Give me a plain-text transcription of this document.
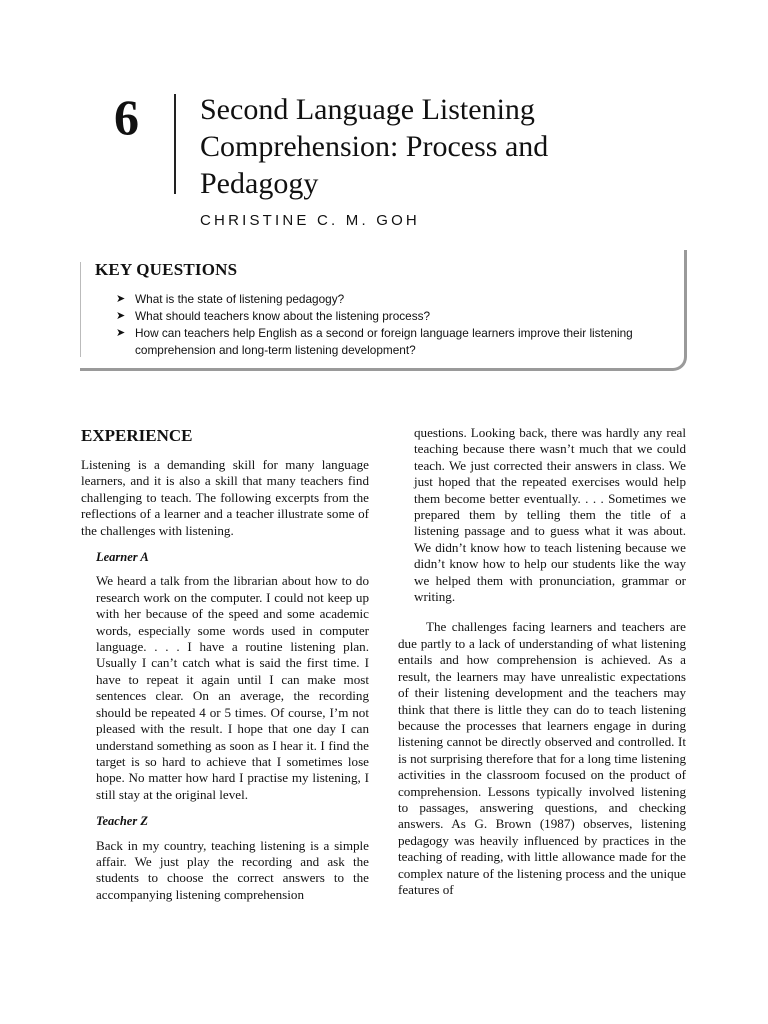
6 Second Language Listening
Comprehension: Process and
Pedagogy
CHRISTINE C. M. GOH
KEY QUESTIONS
➤ What is the state of listening pedagogy?
➤ What should teachers know about the listening process?
➤ How can teachers help English as a second or foreign language learners improve their listening comprehension and long-term listening development?

EXPERIENCE

Listening is a demanding skill for many language learners, and it is also a skill that many teachers find challenging to teach. The following excerpts from the reflections of a learner and a teacher illustrate some of the challenges with listening.

Learner A

We heard a talk from the librarian about how to do research work on the computer. I could not keep up with her because of the speed and some academic words, especially some words used in computer language. . . . I have a routine listening plan. Usually I can’t catch what is said the first time. I have to repeat it again until I can make most sentences clear. On an average, the recording should be repeated 4 or 5 times. Of course, I’m not pleased with the result. I hope that one day I can understand something as soon as I hear it. I find the target is so hard to achieve that I sometimes lose hope. No matter how hard I practise my listening, I still stay at the original level.

Teacher Z

Back in my country, teaching listening is a simple affair. We just play the recording and ask the students to choose the correct answers to the accompanying listening comprehension

questions. Looking back, there was hardly any real teaching because there wasn’t much that we could teach. We just corrected their answers in class. We just hoped that the repeated exercises would help them become better eventually. . . . Sometimes we prepared them by telling them the title of a listening passage and to guess what it was about. We didn’t know how to teach listening because we didn’t know how to help our students like the way we helped them with pronunciation, grammar or writing.

The challenges facing learners and teachers are due partly to a lack of understanding of what listening entails and how comprehension is achieved. As a result, the learners may have unrealistic expectations of their listening development and the teachers may think that there is little they can do to teach listening because the processes that learners engage in during listening cannot be directly observed and controlled. It is not surprising therefore that for a long time listening activities in the classroom focused on the product of comprehension. Lessons typically involved listening to passages, answering questions, and checking answers. As G. Brown (1987) observes, listening pedagogy was heavily influenced by practices in the teaching of reading, with little allowance made for the complex nature of the listening process and the unique features of
